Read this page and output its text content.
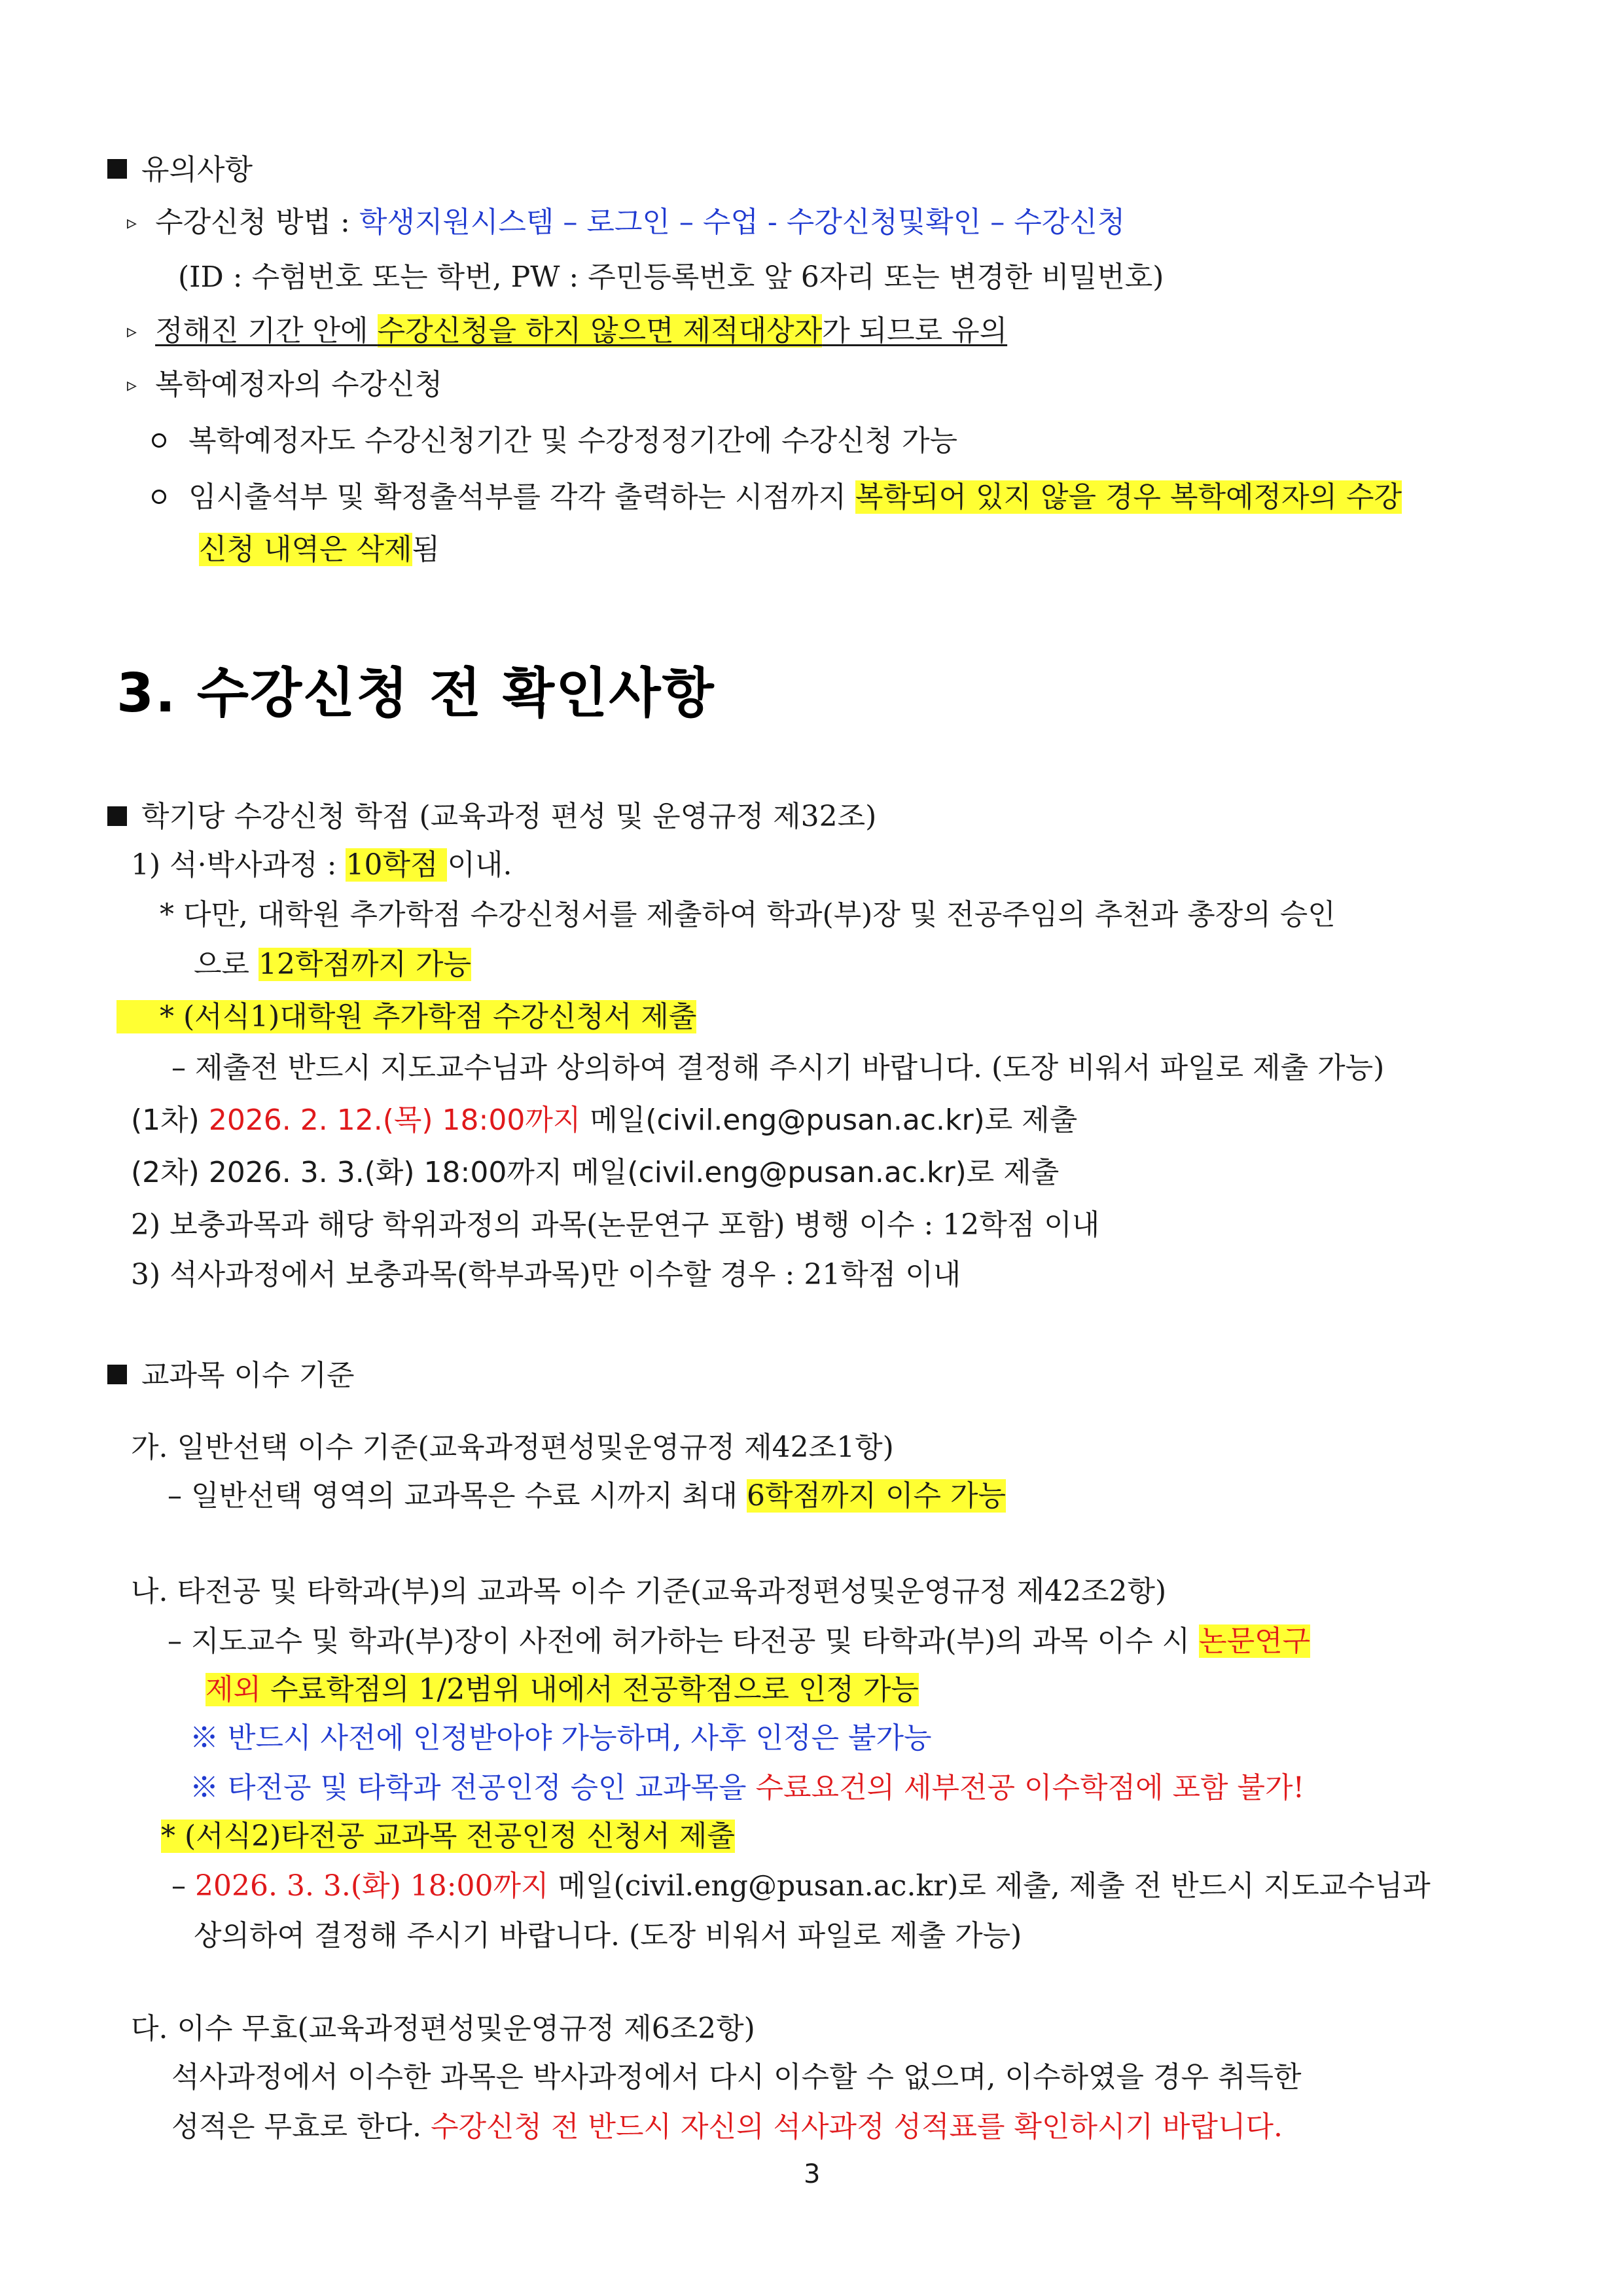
유의사항
▹ 수강신청 방법 : 학생지원시스템 – 로그인 – 수업 - 수강신청및확인 – 수강신청
(ID : 수험번호 또는 학번, PW : 주민등록번호 앞 6자리 또는 변경한 비밀번호)
▹ 정해진 기간 안에 수강신청을 하지 않으면 제적대상자가 되므로 유의
▹ 복학예정자의 수강신청
복학예정자도 수강신청기간 및 수강정정기간에 수강신청 가능
임시출석부 및 확정출석부를 각각 출력하는 시점까지 복학되어 있지 않을 경우 복학예정자의 수강
신청 내역은 삭제됨
3. 수강신청 전 확인사항
학기당 수강신청 학점 (교육과정 편성 및 운영규정 제32조)
1) 석·박사과정 : 10학점 이내.
* 다만, 대학원 추가학점 수강신청서를 제출하여 학과(부)장 및 전공주임의 추천과 총장의 승인
으로 12학점까지 가능
* (서식1)대학원 추가학점 수강신청서 제출
– 제출전 반드시 지도교수님과 상의하여 결정해 주시기 바랍니다. (도장 비워서 파일로 제출 가능)
(1차) 2026. 2. 12.(목) 18:00까지 메일(civil.eng@pusan.ac.kr)로 제출
(2차) 2026. 3. 3.(화) 18:00까지 메일(civil.eng@pusan.ac.kr)로 제출
2) 보충과목과 해당 학위과정의 과목(논문연구 포함) 병행 이수 : 12학점 이내
3) 석사과정에서 보충과목(학부과목)만 이수할 경우 : 21학점 이내
교과목 이수 기준
가. 일반선택 이수 기준(교육과정편성및운영규정 제42조1항)
– 일반선택 영역의 교과목은 수료 시까지 최대 6학점까지 이수 가능
나. 타전공 및 타학과(부)의 교과목 이수 기준(교육과정편성및운영규정 제42조2항)
– 지도교수 및 학과(부)장이 사전에 허가하는 타전공 및 타학과(부)의 과목 이수 시 논문연구
제외 수료학점의 1/2범위 내에서 전공학점으로 인정 가능
※ 반드시 사전에 인정받아야 가능하며, 사후 인정은 불가능
※ 타전공 및 타학과 전공인정 승인 교과목을 수료요건의 세부전공 이수학점에 포함 불가!
* (서식2)타전공 교과목 전공인정 신청서 제출
– 2026. 3. 3.(화) 18:00까지 메일(civil.eng@pusan.ac.kr)로 제출, 제출 전 반드시 지도교수님과
상의하여 결정해 주시기 바랍니다. (도장 비워서 파일로 제출 가능)
다. 이수 무효(교육과정편성및운영규정 제6조2항)
석사과정에서 이수한 과목은 박사과정에서 다시 이수할 수 없으며, 이수하였을 경우 취득한
성적은 무효로 한다. 수강신청 전 반드시 자신의 석사과정 성적표를 확인하시기 바랍니다.
3
